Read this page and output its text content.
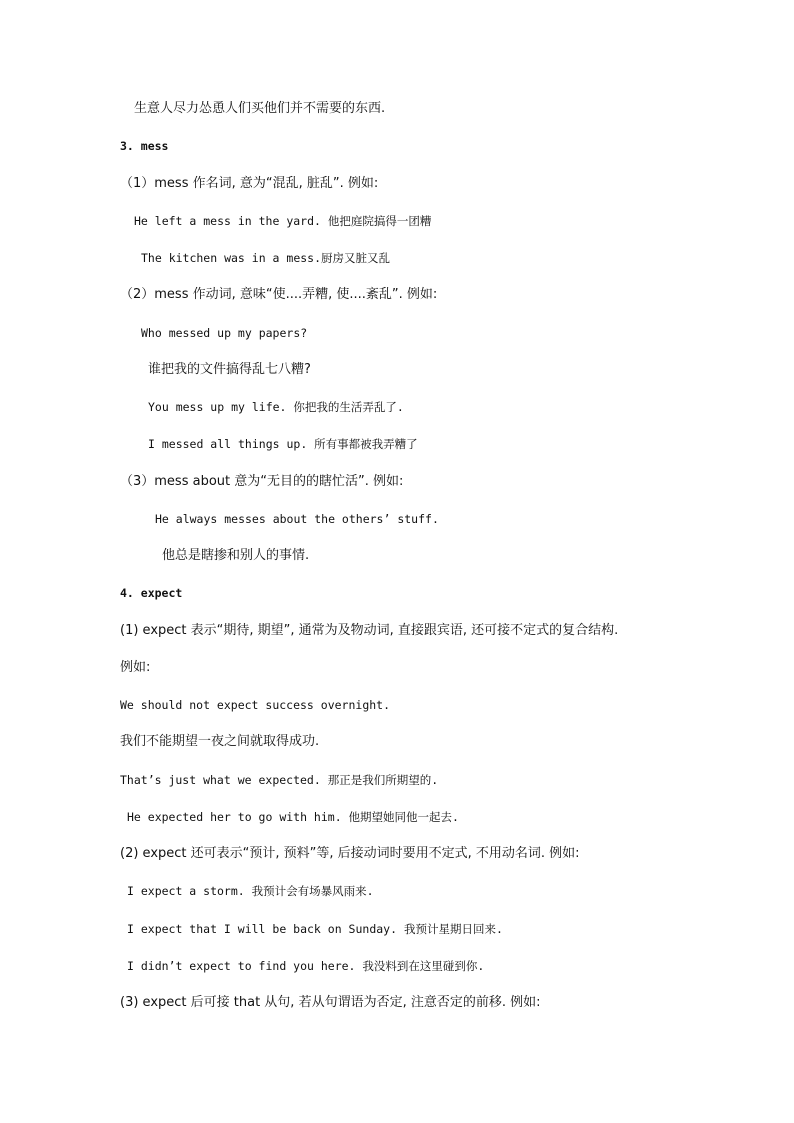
生意人尽力怂恿人们买他们并不需要的东西.
3. mess
（1）mess 作名词, 意为“混乱, 脏乱”. 例如:
He left a mess in the yard. 他把庭院搞得一团糟
The kitchen was in a mess.厨房又脏又乱
（2）mess 作动词, 意味“使....弄糟, 使....紊乱”. 例如:
Who messed up my papers?
谁把我的文件搞得乱七八糟?
You mess up my life. 你把我的生活弄乱了.
I messed all things up. 所有事都被我弄糟了
（3）mess about 意为“无目的的瞎忙活”. 例如:
He always messes about the others’ stuff.
他总是瞎掺和别人的事情.
4. expect
(1) expect 表示“期待, 期望”, 通常为及物动词, 直接跟宾语, 还可接不定式的复合结构.
例如:
We should not expect success overnight.
我们不能期望一夜之间就取得成功.
That’s just what we expected. 那正是我们所期望的.
He expected her to go with him. 他期望她同他一起去.
(2) expect 还可表示“预计, 预料”等, 后接动词时要用不定式, 不用动名词. 例如:
I expect a storm. 我预计会有场暴风雨来.
I expect that I will be back on Sunday. 我预计星期日回来.
I didn’t expect to find you here. 我没料到在这里碰到你.
(3) expect 后可接 that 从句, 若从句谓语为否定, 注意否定的前移. 例如:
